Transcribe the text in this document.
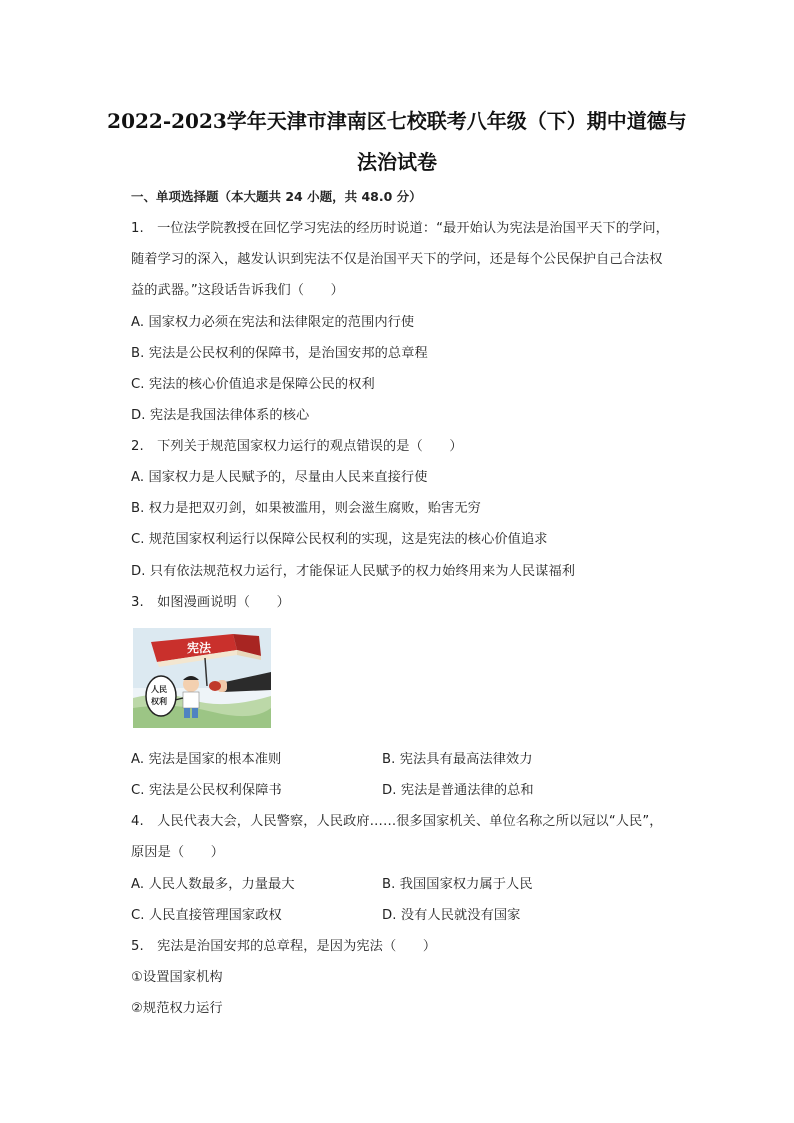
2022-2023学年天津市津南区七校联考八年级（下）期中道德与
法治试卷
一、单项选择题（本大题共 24 小题，共 48.0 分）
1.　一位法学院教授在回忆学习宪法的经历时说道：“最开始认为宪法是治国平天下的学问，
随着学习的深入，越发认识到宪法不仅是治国平天下的学问，还是每个公民保护自己合法权
益的武器。”这段话告诉我们（　　）
A. 国家权力必须在宪法和法律限定的范围内行使
B. 宪法是公民权利的保障书，是治国安邦的总章程
C. 宪法的核心价值追求是保障公民的权利
D. 宪法是我国法律体系的核心
2.　下列关于规范国家权力运行的观点错误的是（　　）
A. 国家权力是人民赋予的，尽量由人民来直接行使
B. 权力是把双刃剑，如果被滥用，则会滋生腐败，贻害无穷
C. 规范国家权利运行以保障公民权利的实现，这是宪法的核心价值追求
D. 只有依法规范权力运行，才能保证人民赋予的权力始终用来为人民谋福利
3.　如图漫画说明（　　）
宪法
人民
权利
A. 宪法是国家的根本准则	B. 宪法具有最高法律效力
C. 宪法是公民权利保障书	D. 宪法是普通法律的总和
4.　人民代表大会，人民警察，人民政府……很多国家机关、单位名称之所以冠以“人民”，
原因是（　　）
A. 人民人数最多，力量最大	B. 我国国家权力属于人民
C. 人民直接管理国家政权	D. 没有人民就没有国家
5.　宪法是治国安邦的总章程，是因为宪法（　　）
①设置国家机构
②规范权力运行
